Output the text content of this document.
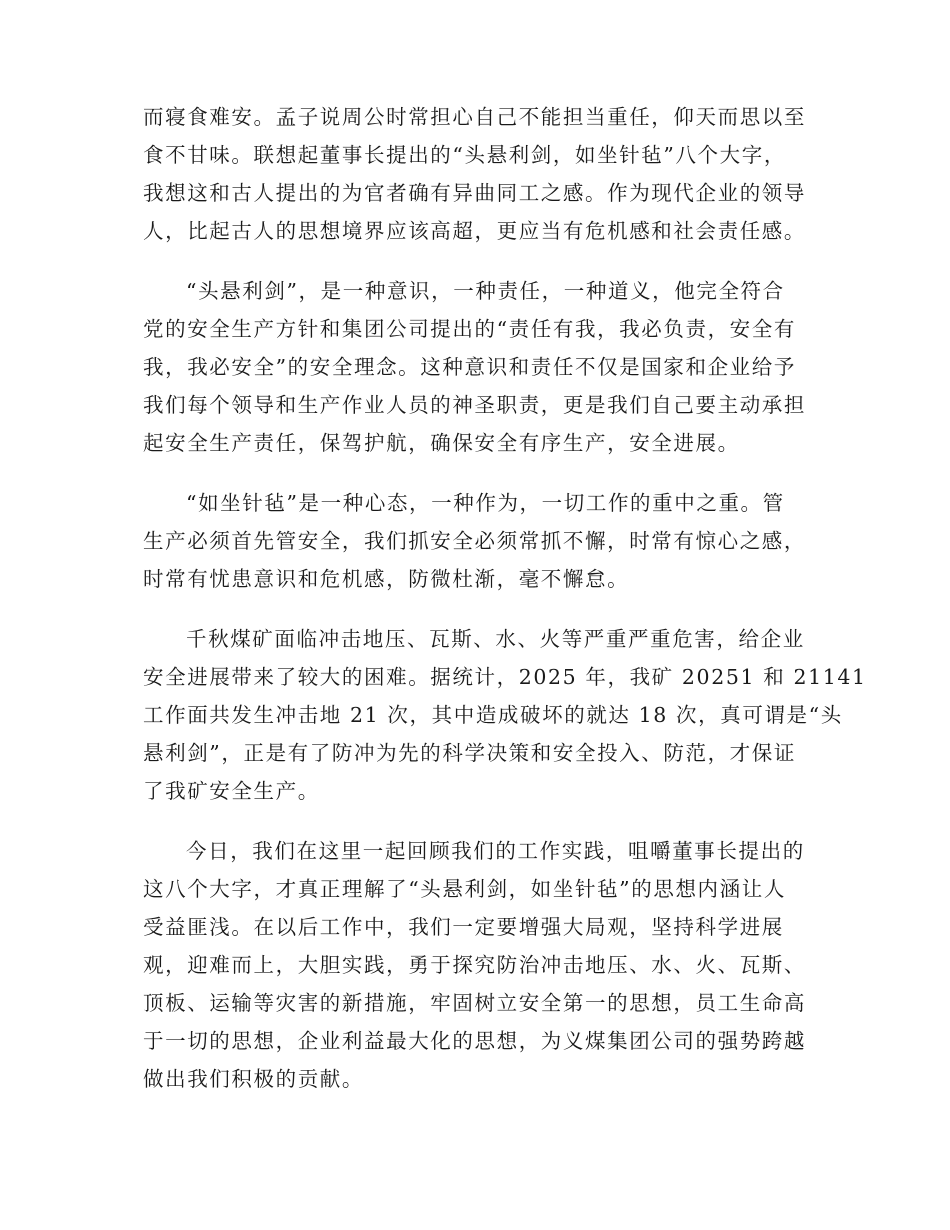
而寝食难安。孟子说周公时常担心自己不能担当重任，仰天而思以至
食不甘味。联想起董事长提出的“头悬利剑，如坐针毡”八个大字，
我想这和古人提出的为官者确有异曲同工之感。作为现代企业的领导
人，比起古人的思想境界应该高超，更应当有危机感和社会责任感。

“头悬利剑”，是一种意识，一种责任，一种道义，他完全符合
党的安全生产方针和集团公司提出的“责任有我，我必负责，安全有
我，我必安全”的安全理念。这种意识和责任不仅是国家和企业给予
我们每个领导和生产作业人员的神圣职责，更是我们自己要主动承担
起安全生产责任，保驾护航，确保安全有序生产，安全进展。

“如坐针毡”是一种心态，一种作为，一切工作的重中之重。管
生产必须首先管安全，我们抓安全必须常抓不懈，时常有惊心之感，
时常有忧患意识和危机感，防微杜渐，毫不懈怠。

千秋煤矿面临冲击地压、瓦斯、水、火等严重严重危害，给企业
安全进展带来了较大的困难。据统计，2025 年，我矿 20251 和 21141
工作面共发生冲击地 21 次，其中造成破坏的就达 18 次，真可谓是“头
悬利剑”，正是有了防冲为先的科学决策和安全投入、防范，才保证
了我矿安全生产。

今日，我们在这里一起回顾我们的工作实践，咀嚼董事长提出的
这八个大字，才真正理解了“头悬利剑，如坐针毡”的思想内涵让人
受益匪浅。在以后工作中，我们一定要增强大局观，坚持科学进展
观，迎难而上，大胆实践，勇于探究防治冲击地压、水、火、瓦斯、
顶板、运输等灾害的新措施，牢固树立安全第一的思想，员工生命高
于一切的思想，企业利益最大化的思想，为义煤集团公司的强势跨越
做出我们积极的贡献。
